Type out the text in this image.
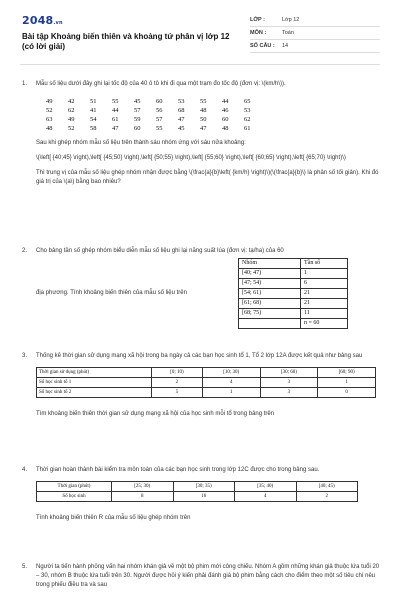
2048.vn
Bài tập Khoảng biến thiên và khoảng tứ phân vị lớp 12 (có lời giải)
LỚP :	Lớp 12
MÔN :	Toán
SỐ CÂU :	14
1. Mẫu số liệu dưới đây ghi lại tốc độ của 40 ô tô khi đi qua một trạm đo tốc độ (đơn vị: \(km/h\)).

49	42	51	55	45	60	53	55	44	65
52	62	41	44	57	56	68	48	46	53
63	49	54	61	59	57	47	50	60	62
48	52	58	47	60	55	45	47	48	61

Sau khi ghép nhóm mẫu số liệu trên thành sáu nhóm ứng với sáu nửa khoảng:

\(\left[ {40;45} \right),\left[ {45;50} \right),\left[ {50;55} \right),\left[ {55;60} \right),\left[ {60;65} \right),\left[ {65;70} \right)\)

Thì trung vị của mẫu số liệu ghép nhóm nhận được bằng \(\frac{a}{b}\left( {km/h} \right)\)(\(\frac{a}{b}\) là phân số tối giản). Khi đó giá trị của \(a\) bằng bao nhiêu?

2. Cho bảng tần số ghép nhóm biểu diễn mẫu số liệu ghi lại năng suất lúa (đơn vị: tạ/ha) của 60

Nhóm	Tần số
[40; 47)	1
[47; 54)	6
[54; 61)	21
[61; 68)	21
[68; 75)	11
	n = 60

địa phương. Tính khoảng biến thiên của mẫu số liệu trên

3. Thống kê thời gian sử dụng mạng xã hội trong ba ngày cả các bạn học sinh tổ 1, Tổ 2 lớp 12A được kết quả như bảng sau

Thời gian sử dụng (phút)	[0; 10)	[10; 30)	[30; 60)	[60; 90)
Số học sinh tổ 1	2	4	3	1
Số học sinh tổ 2	5	1	3	0

Tìm khoảng biến thiên thời gian sử dụng mạng xã hội của học sinh mỗi tổ trong bảng trên

4. Thời gian hoàn thành bài kiểm tra môn toán của các bạn học sinh trong lớp 12C được cho trong bảng sau.

Thời gian (phút)	[25; 30)	[30; 35)	[35; 40)	[40; 45)
Số học sinh	8	16	4	2

Tính khoảng biến thiên R của mẫu số liệu ghép nhóm trên

5. Người ta tiến hành phỏng vấn hai nhóm khán giả về một bộ phim mới công chiếu. Nhóm A gồm những khán giả thuộc lứa tuổi 20 – 30, nhóm B thuộc lứa tuổi trên 30. Người được hỏi ý kiến phải đánh giá bộ phim bằng cách cho điểm theo một số tiêu chí nêu trong phiếu điều tra và sau
